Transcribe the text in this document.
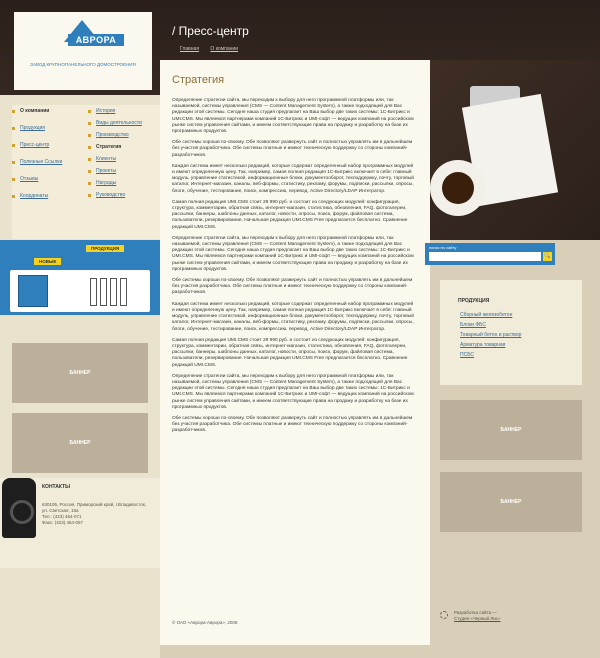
АВРОРА
ЗАВОД КРУПНОПАНЕЛЬНОГО ДОМОСТРОЕНИЯ
/ Пресс-центр
Главная О компании
О компании
Продукция
Пресс-центр
Полезные Ссылки
Отзывы
Координаты
История
Виды деятельности
Производство
Стратегия
Клиенты
Проекты
Награды
Руководство
НОВЫЕ
ПРОДУКЦИЯ
БАННЕР
БАННЕР
КОНТАКТЫ
630105, Россия, Приморский край, г.Владивосток, ул. Светская, 15а
Тел.: (423) 464-071
Факс: (423) 464-057
Стратегия

Определение стратегии сайта, мы переходим к выбору для него программной платформы или, так называемой, системы управления (CMS — Content Management System), а также подходящей для Вас редакции этой системы. Сегодня наша студия предлагает на Ваш выбор две таких системы: 1С-Битрикс и UMI.CMS. Мы являемся партнерами компаний 1С-Битрикс и UMI-софт — ведущих компаний на российском рынке систем управления сайтами, и имеем соответствующие права на продажу и разработку на базе их программных продуктов.

Обе системы хороши по-своему. Обе позволяют развернуть сайт и полностью управлять им в дальнейшем без участия разработчика. Обе системы платные и имеют техническую поддержку со стороны компаний-разработчиков.

Каждая система имеет несколько редакций, которые содержат определенный набор программных модулей и имеют определенную цену. Так, например, самая полная редакция 1С-Битрикс включает в себя: главный модуль, управление статистикой, информационные блоки, документооборот, техподдержку, почту, торговый каталог, Интернет-магазин, каналы, веб-формы, статистику, рекламу, форумы, подписки, рассылки, опросы, блоги, обучение, тестирование, поиск, компрессию, перевод, Active Directory/LDAP Интегратор.

Самая полная редакция UMI.CMS стоит 29 990 руб. и состоит из следующих модулей: конфигурация, структура, комментарии, обратная связь, интернет-магазин, статистика, обновления, FAQ, фотогалереи, рассылки, баннеры, шаблоны данных, каталог, новости, опросы, поиск, форум, файловая система, пользователи, резервирование. Начальная редакция UMI.CMS Free предлагается бесплатно. Сравнение редакций UMI.CMS.

Определение стратегии сайта, мы переходим к выбору для него программной платформы или, так называемой, системы управления (CMS — Content Management System), а также подходящей для Вас редакции этой системы. Сегодня наша студия предлагает на Ваш выбор две таких системы: 1С-Битрикс и UMI.CMS. Мы являемся партнерами компаний 1С-Битрикс и UMI-софт — ведущих компаний на российском рынке систем управления сайтами, и имеем соответствующие права на продажу и разработку на базе их программных продуктов.

Обе системы хороши по-своему. Обе позволяют развернуть сайт и полностью управлять им в дальнейшем без участия разработчика. Обе системы платные и имеют техническую поддержку со стороны компаний-разработчиков.

Каждая система имеет несколько редакций, которые содержат определенный набор программных модулей и имеют определенную цену. Так, например, самая полная редакция 1С-Битрикс включает в себя: главный модуль, управление статистикой, информационные блоки, документооборот, техподдержку, почту, торговый каталог, Интернет-магазин, каналы, веб-формы, статистику, рекламу, форумы, подписки, рассылки, опросы, блоги, обучение, тестирование, поиск, компрессию, перевод, Active Directory/LDAP Интегратор.

Самая полная редакция UMI.CMS стоит 29 990 руб. и состоит из следующих модулей: конфигурация, структура, комментарии, обратная связь, интернет-магазин, статистика, обновления, FAQ, фотогалереи, рассылки, баннеры, шаблоны данных, каталог, новости, опросы, поиск, форум, файловая система, пользователи, резервирование. Начальная редакция UMI.CMS Free предлагается бесплатно. Сравнение редакций UMI.CMS.

Определение стратегии сайта, мы переходим к выбору для него программной платформы или, так называемой, системы управления (CMS — Content Management System), а также подходящей для Вас редакции этой системы. Сегодня наша студия предлагает на Ваш выбор две таких системы: 1С-Битрикс и UMI.CMS. Мы являемся партнерами компаний 1С-Битрикс и UMI-софт — ведущих компаний на российском рынке систем управления сайтами, и имеем соответствующие права на продажу и разработку на базе их программных продуктов.

Обе системы хороши по-своему. Обе позволяют развернуть сайт и полностью управлять им в дальнейшем без участия разработчика. Обе системы платные и имеют техническую поддержку со стороны компаний-разработчиков.

© ОАО «Аврора-Аврора», 2008
поиск по сайту
🔍
ПРОДУКЦИЯ
Сборный железобетон
Блоки ФБС
Товарный бетон и раствор
Арматура товарная
ПСБС
БАННЕР
БАННЕР
Разработка сайта —
Студия «Черный Лис»
